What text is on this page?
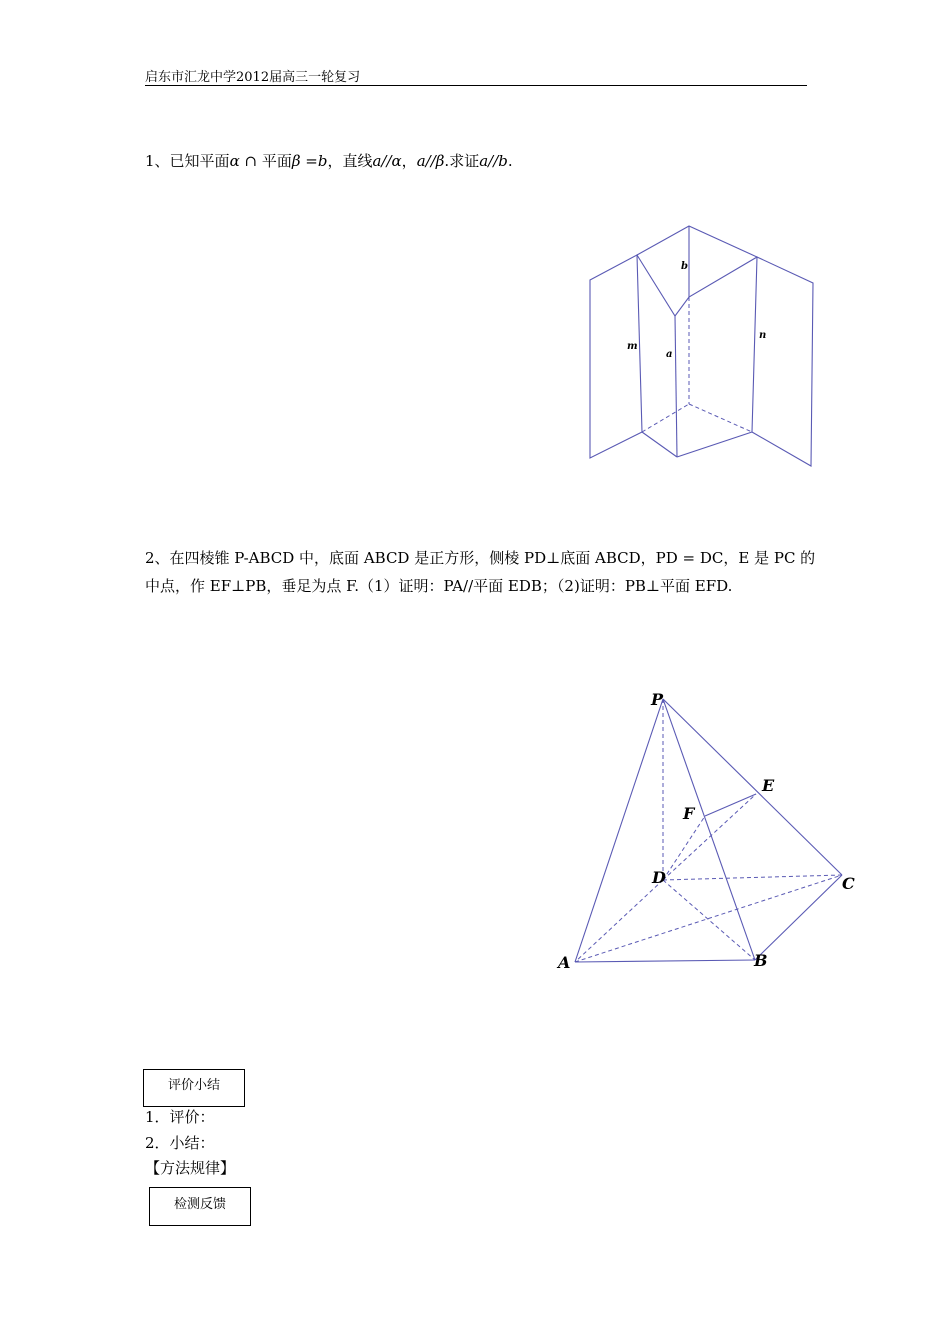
启东市汇龙中学2012届高三一轮复习
1、已知平面α ∩ 平面β =b，直线a//α，a//β.求证a//b.
b
m
a
n
P
E
F
D	C
A	B
2、在四棱锥 P-ABCD 中，底面 ABCD 是正方形，侧棱 PD⊥底面 ABCD，PD = DC，E 是 PC 的
中点，作 EF⊥PB，垂足为点 F.（1）证明：PA//平面 EDB；（2)证明：PB⊥平面 EFD.
评价小结
1．评价：
2．小结：
【方法规律】
检测反馈
